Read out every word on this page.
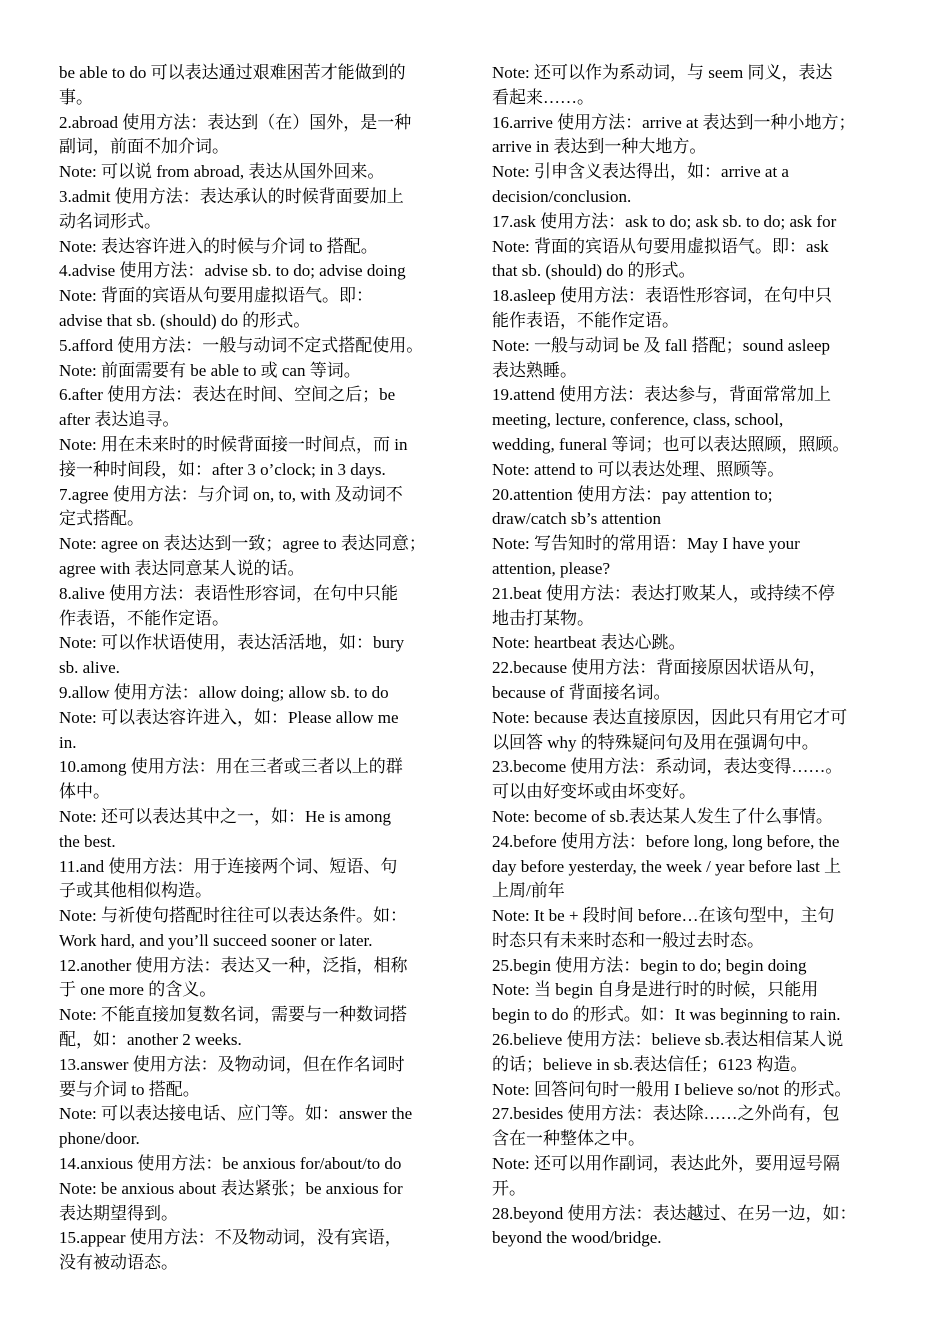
be able to do 可以表达通过艰难困苦才能做到的
事。
2.abroad 使用方法：表达到（在）国外，是一种
副词，前面不加介词。
Note: 可以说 from abroad, 表达从国外回来。
3.admit 使用方法：表达承认的时候背面要加上
动名词形式。
Note: 表达容许进入的时候与介词 to 搭配。
4.advise 使用方法：advise sb. to do; advise doing
Note: 背面的宾语从句要用虚拟语气。即：
advise that sb. (should) do 的形式。
5.afford 使用方法：一般与动词不定式搭配使用。
Note: 前面需要有 be able to 或 can 等词。
6.after 使用方法：表达在时间、空间之后；be
after 表达追寻。
Note: 用在未来时的时候背面接一时间点，而 in
接一种时间段，如：after 3 o’clock; in 3 days.
7.agree 使用方法：与介词 on, to, with 及动词不
定式搭配。
Note: agree on 表达达到一致；agree to 表达同意；
agree with 表达同意某人说的话。
8.alive 使用方法：表语性形容词，在句中只能
作表语，不能作定语。
Note: 可以作状语使用，表达活活地，如：bury
sb. alive.
9.allow 使用方法：allow doing; allow sb. to do
Note: 可以表达容许进入，如：Please allow me
in.
10.among 使用方法：用在三者或三者以上的群
体中。
Note: 还可以表达其中之一，如：He is among
the best.
11.and 使用方法：用于连接两个词、短语、句
子或其他相似构造。
Note: 与祈使句搭配时往往可以表达条件。如：
Work hard, and you’ll succeed sooner or later.
12.another 使用方法：表达又一种，泛指，相称
于 one more 的含义。
Note: 不能直接加复数名词，需要与一种数词搭
配，如：another 2 weeks.
13.answer 使用方法：及物动词，但在作名词时
要与介词 to 搭配。
Note: 可以表达接电话、应门等。如：answer the
phone/door.
14.anxious 使用方法：be anxious for/about/to do
Note: be anxious about 表达紧张；be anxious for
表达期望得到。
15.appear 使用方法：不及物动词，没有宾语，
没有被动语态。
Note: 还可以作为系动词，与 seem 同义，表达
看起来……。
16.arrive 使用方法：arrive at 表达到一种小地方；
arrive in 表达到一种大地方。
Note: 引申含义表达得出，如：arrive at a
decision/conclusion.
17.ask 使用方法：ask to do; ask sb. to do; ask for
Note: 背面的宾语从句要用虚拟语气。即：ask
that sb. (should) do 的形式。
18.asleep 使用方法：表语性形容词，在句中只
能作表语，不能作定语。
Note: 一般与动词 be 及 fall 搭配；sound asleep
表达熟睡。
19.attend 使用方法：表达参与，背面常常加上
meeting, lecture, conference, class, school,
wedding, funeral 等词；也可以表达照顾，照顾。
Note: attend to 可以表达处理、照顾等。
20.attention 使用方法：pay attention to;
draw/catch sb’s attention
Note: 写告知时的常用语：May I have your
attention, please?
21.beat 使用方法：表达打败某人，或持续不停
地击打某物。
Note: heartbeat 表达心跳。
22.because 使用方法：背面接原因状语从句，
because of 背面接名词。
Note: because 表达直接原因，因此只有用它才可
以回答 why 的特殊疑问句及用在强调句中。
23.become 使用方法：系动词，表达变得……。
可以由好变坏或由坏变好。
Note: become of sb.表达某人发生了什么事情。
24.before 使用方法：before long, long before, the
day before yesterday, the week / year before last 上
上周/前年
Note: It be + 段时间 before…在该句型中，主句
时态只有未来时态和一般过去时态。
25.begin 使用方法：begin to do; begin doing
Note: 当 begin 自身是进行时的时候，只能用
begin to do 的形式。如：It was beginning to rain.
26.believe 使用方法：believe sb.表达相信某人说
的话；believe in sb.表达信任；6123 构造。
Note: 回答问句时一般用 I believe so/not 的形式。
27.besides 使用方法：表达除……之外尚有，包
含在一种整体之中。
Note: 还可以用作副词，表达此外，要用逗号隔
开。
28.beyond 使用方法：表达越过、在另一边，如：
beyond the wood/bridge.
